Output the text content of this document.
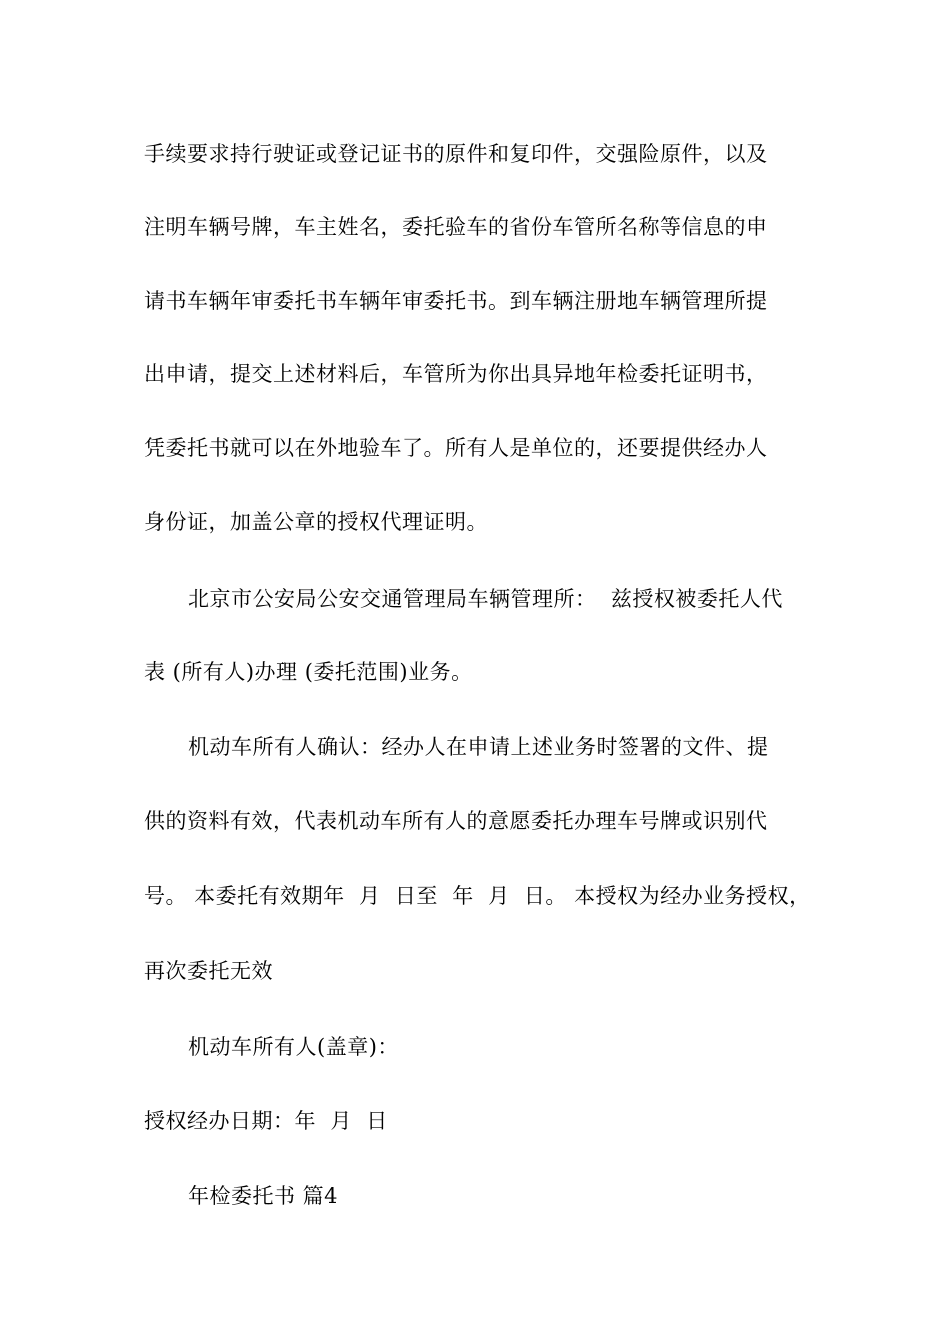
手续要求持行驶证或登记证书的原件和复印件，交强险原件，以及
注明车辆号牌，车主姓名，委托验车的省份车管所名称等信息的申
请书车辆年审委托书车辆年审委托书。到车辆注册地车辆管理所提
出申请，提交上述材料后，车管所为你出具异地年检委托证明书，
凭委托书就可以在外地验车了。所有人是单位的，还要提供经办人
身份证，加盖公章的授权代理证明。
北京市公安局公安交通管理局车辆管理所：  兹授权被委托人代
表 (所有人)办理 (委托范围)业务。
机动车所有人确认：经办人在申请上述业务时签署的文件、提
供的资料有效，代表机动车所有人的意愿委托办理车号牌或识别代
号。 本委托有效期年  月  日至  年  月  日。 本授权为经办业务授权，
再次委托无效
机动车所有人(盖章)：
授权经办日期：年  月  日
年检委托书 篇4
